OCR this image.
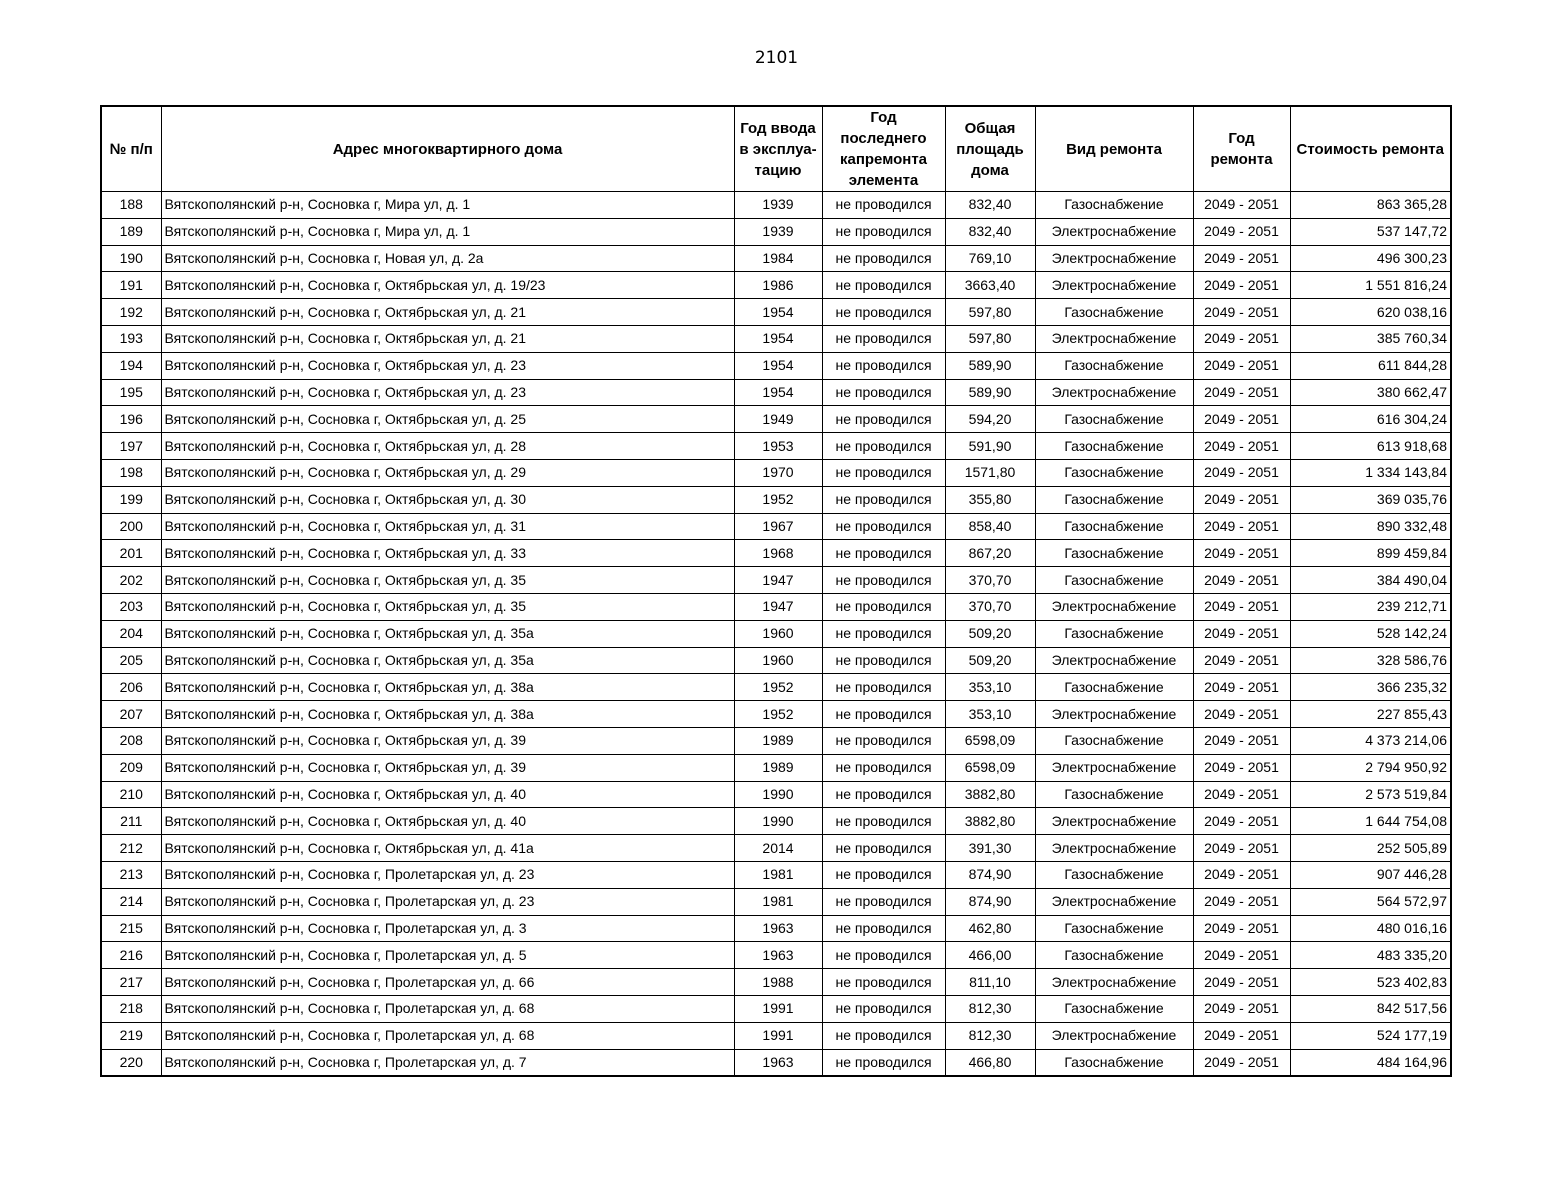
2101
№ п/п	Адрес многоквартирного дома	Год ввода в эксплуа-тацию	Год последнего капремонта элемента	Общая площадь дома	Вид ремонта	Год ремонта	Стоимость ремонта
188	Вятскополянский р-н, Сосновка г, Мира ул, д. 1	1939	не проводился	832,40	Газоснабжение	2049 - 2051	863 365,28
189	Вятскополянский р-н, Сосновка г, Мира ул, д. 1	1939	не проводился	832,40	Электроснабжение	2049 - 2051	537 147,72
190	Вятскополянский р-н, Сосновка г, Новая ул, д. 2а	1984	не проводился	769,10	Электроснабжение	2049 - 2051	496 300,23
191	Вятскополянский р-н, Сосновка г, Октябрьская ул, д. 19/23	1986	не проводился	3663,40	Электроснабжение	2049 - 2051	1 551 816,24
192	Вятскополянский р-н, Сосновка г, Октябрьская ул, д. 21	1954	не проводился	597,80	Газоснабжение	2049 - 2051	620 038,16
193	Вятскополянский р-н, Сосновка г, Октябрьская ул, д. 21	1954	не проводился	597,80	Электроснабжение	2049 - 2051	385 760,34
194	Вятскополянский р-н, Сосновка г, Октябрьская ул, д. 23	1954	не проводился	589,90	Газоснабжение	2049 - 2051	611 844,28
195	Вятскополянский р-н, Сосновка г, Октябрьская ул, д. 23	1954	не проводился	589,90	Электроснабжение	2049 - 2051	380 662,47
196	Вятскополянский р-н, Сосновка г, Октябрьская ул, д. 25	1949	не проводился	594,20	Газоснабжение	2049 - 2051	616 304,24
197	Вятскополянский р-н, Сосновка г, Октябрьская ул, д. 28	1953	не проводился	591,90	Газоснабжение	2049 - 2051	613 918,68
198	Вятскополянский р-н, Сосновка г, Октябрьская ул, д. 29	1970	не проводился	1571,80	Газоснабжение	2049 - 2051	1 334 143,84
199	Вятскополянский р-н, Сосновка г, Октябрьская ул, д. 30	1952	не проводился	355,80	Газоснабжение	2049 - 2051	369 035,76
200	Вятскополянский р-н, Сосновка г, Октябрьская ул, д. 31	1967	не проводился	858,40	Газоснабжение	2049 - 2051	890 332,48
201	Вятскополянский р-н, Сосновка г, Октябрьская ул, д. 33	1968	не проводился	867,20	Газоснабжение	2049 - 2051	899 459,84
202	Вятскополянский р-н, Сосновка г, Октябрьская ул, д. 35	1947	не проводился	370,70	Газоснабжение	2049 - 2051	384 490,04
203	Вятскополянский р-н, Сосновка г, Октябрьская ул, д. 35	1947	не проводился	370,70	Электроснабжение	2049 - 2051	239 212,71
204	Вятскополянский р-н, Сосновка г, Октябрьская ул, д. 35а	1960	не проводился	509,20	Газоснабжение	2049 - 2051	528 142,24
205	Вятскополянский р-н, Сосновка г, Октябрьская ул, д. 35а	1960	не проводился	509,20	Электроснабжение	2049 - 2051	328 586,76
206	Вятскополянский р-н, Сосновка г, Октябрьская ул, д. 38а	1952	не проводился	353,10	Газоснабжение	2049 - 2051	366 235,32
207	Вятскополянский р-н, Сосновка г, Октябрьская ул, д. 38а	1952	не проводился	353,10	Электроснабжение	2049 - 2051	227 855,43
208	Вятскополянский р-н, Сосновка г, Октябрьская ул, д. 39	1989	не проводился	6598,09	Газоснабжение	2049 - 2051	4 373 214,06
209	Вятскополянский р-н, Сосновка г, Октябрьская ул, д. 39	1989	не проводился	6598,09	Электроснабжение	2049 - 2051	2 794 950,92
210	Вятскополянский р-н, Сосновка г, Октябрьская ул, д. 40	1990	не проводился	3882,80	Газоснабжение	2049 - 2051	2 573 519,84
211	Вятскополянский р-н, Сосновка г, Октябрьская ул, д. 40	1990	не проводился	3882,80	Электроснабжение	2049 - 2051	1 644 754,08
212	Вятскополянский р-н, Сосновка г, Октябрьская ул, д. 41а	2014	не проводился	391,30	Электроснабжение	2049 - 2051	252 505,89
213	Вятскополянский р-н, Сосновка г, Пролетарская ул, д. 23	1981	не проводился	874,90	Газоснабжение	2049 - 2051	907 446,28
214	Вятскополянский р-н, Сосновка г, Пролетарская ул, д. 23	1981	не проводился	874,90	Электроснабжение	2049 - 2051	564 572,97
215	Вятскополянский р-н, Сосновка г, Пролетарская ул, д. 3	1963	не проводился	462,80	Газоснабжение	2049 - 2051	480 016,16
216	Вятскополянский р-н, Сосновка г, Пролетарская ул, д. 5	1963	не проводился	466,00	Газоснабжение	2049 - 2051	483 335,20
217	Вятскополянский р-н, Сосновка г, Пролетарская ул, д. 66	1988	не проводился	811,10	Электроснабжение	2049 - 2051	523 402,83
218	Вятскополянский р-н, Сосновка г, Пролетарская ул, д. 68	1991	не проводился	812,30	Газоснабжение	2049 - 2051	842 517,56
219	Вятскополянский р-н, Сосновка г, Пролетарская ул, д. 68	1991	не проводился	812,30	Электроснабжение	2049 - 2051	524 177,19
220	Вятскополянский р-н, Сосновка г, Пролетарская ул, д. 7	1963	не проводился	466,80	Газоснабжение	2049 - 2051	484 164,96
